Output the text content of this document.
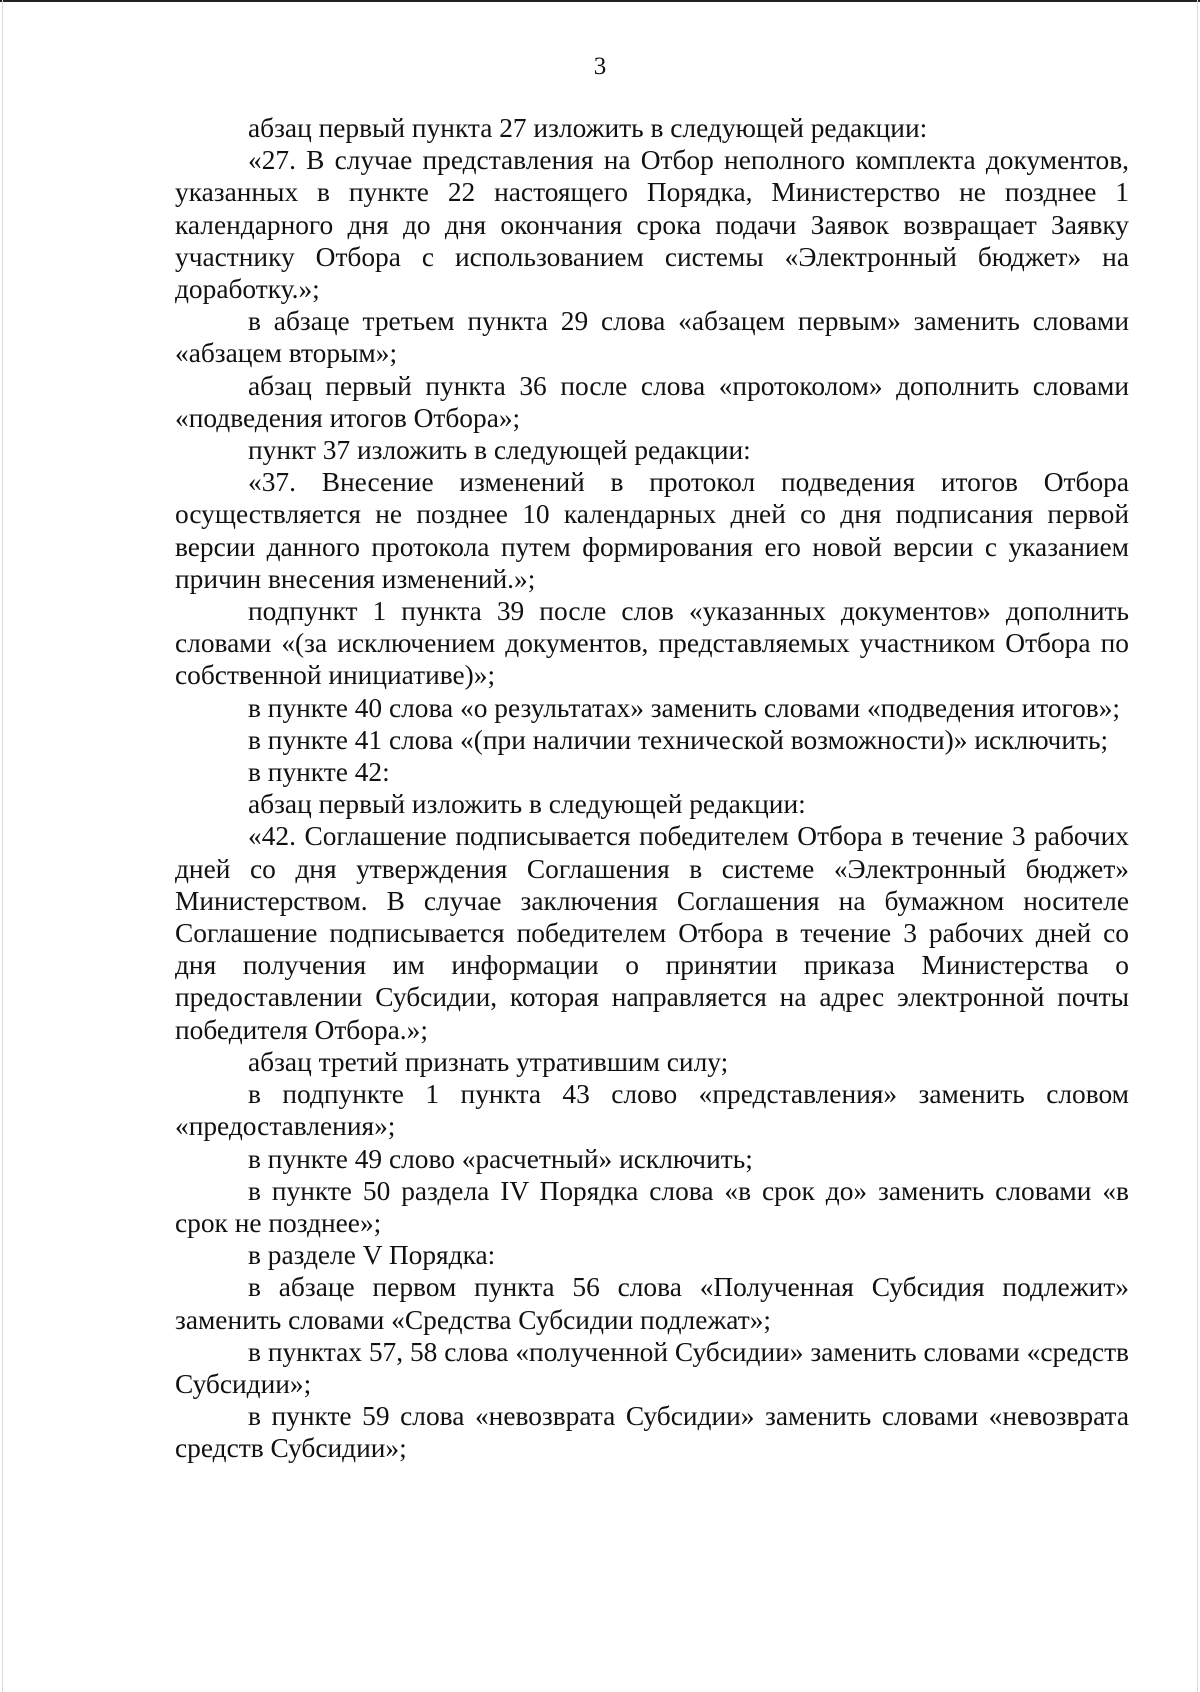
3

абзац первый пункта 27 изложить в следующей редакции:

«27. В случае представления на Отбор неполного комплекта документов, указанных в пункте 22 настоящего Порядка, Министерство не позднее 1 календарного дня до дня окончания срока подачи Заявок возвращает Заявку участнику Отбора с использованием системы «Электронный бюджет» на доработку.»;

в абзаце третьем пункта 29 слова «абзацем первым» заменить словами «абзацем вторым»;

абзац первый пункта 36 после слова «протоколом» дополнить словами «подведения итогов Отбора»;

пункт 37 изложить в следующей редакции:

«37. Внесение изменений в протокол подведения итогов Отбора осуществляется не позднее 10 календарных дней со дня подписания первой версии данного протокола путем формирования его новой версии с указанием причин внесения изменений.»;

подпункт 1 пункта 39 после слов «указанных документов» дополнить словами «(за исключением документов, представляемых участником Отбора по собственной инициативе)»;

в пункте 40 слова «о результатах» заменить словами «подведения итогов»;

в пункте 41 слова «(при наличии технической возможности)» исключить;

в пункте 42:

абзац первый изложить в следующей редакции:

«42. Соглашение подписывается победителем Отбора в течение 3 рабочих дней со дня утверждения Соглашения в системе «Электронный бюджет» Министерством. В случае заключения Соглашения на бумажном носителе Соглашение подписывается победителем Отбора в течение 3 рабочих дней со дня получения им информации о принятии приказа Министерства о предоставлении Субсидии, которая направляется на адрес электронной почты победителя Отбора.»;

абзац третий признать утратившим силу;

в подпункте 1 пункта 43 слово «представления» заменить словом «предоставления»;

в пункте 49 слово «расчетный» исключить;

в пункте 50 раздела IV Порядка слова «в срок до» заменить словами «в срок не позднее»;

в разделе V Порядка:

в абзаце первом пункта 56 слова «Полученная Субсидия подлежит» заменить словами «Средства Субсидии подлежат»;

в пунктах 57, 58 слова «полученной Субсидии» заменить словами «средств Субсидии»;

в пункте 59 слова «невозврата Субсидии» заменить словами «невозврата средств Субсидии»;
